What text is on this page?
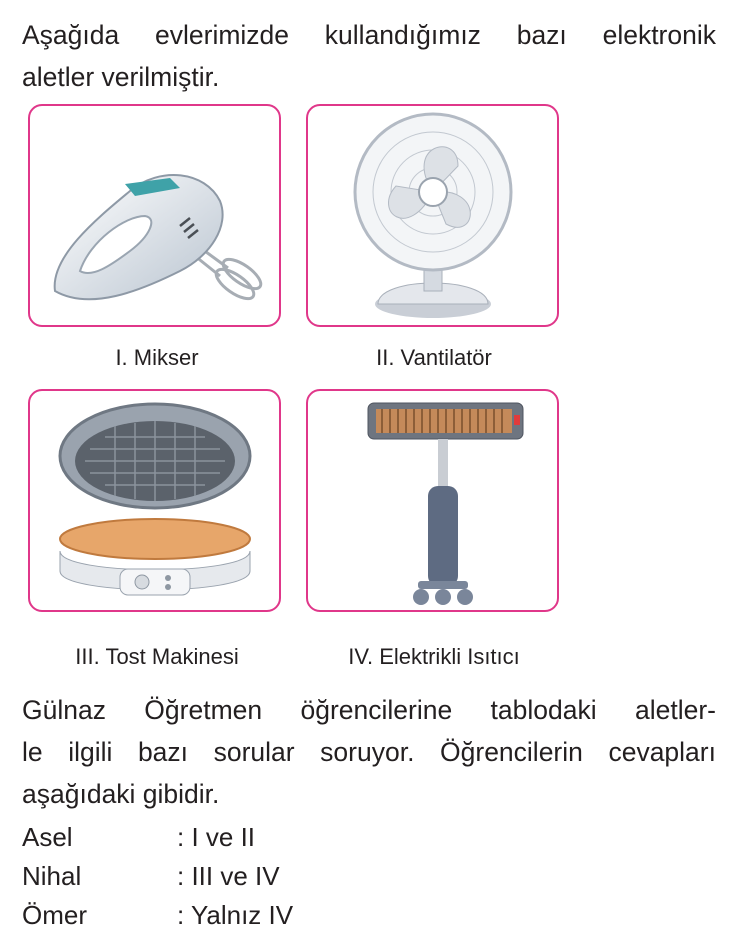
Aşağıda evlerimizde kullandığımız bazı elektronik
aletler verilmiştir.
I. Mikser	II. Vantilatör
III. Tost Makinesi	IV. Elektrikli Isıtıcı
Gülnaz Öğretmen öğrencilerine tablodaki aletler-
le ilgili bazı sorular soruyor. Öğrencilerin cevapları
aşağıdaki gibidir.
Asel	: I ve II
Nihal	: III ve IV
Ömer	: Yalnız IV
